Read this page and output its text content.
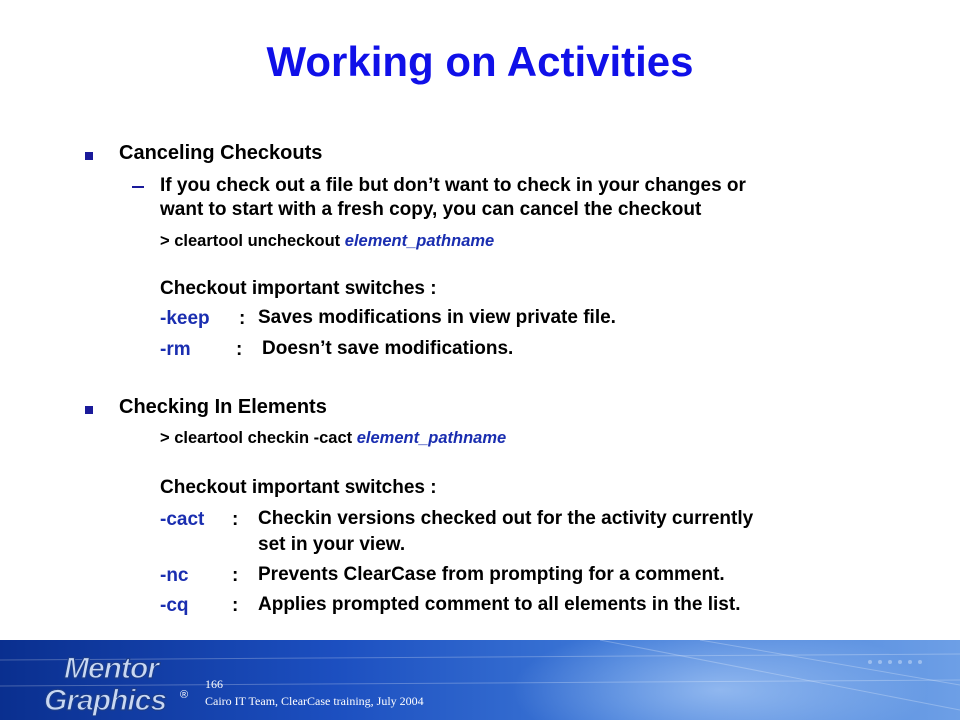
Working on Activities
Canceling Checkouts
If you check out a file but don’t want to check in your changes or
want to start with a fresh copy, you can cancel the checkout
> cleartool uncheckout element_pathname
Checkout important switches :
-keep : Saves modifications in view private file.
-rm : Doesn’t save modifications.
Checking In Elements
> cleartool checkin -cact element_pathname
Checkout important switches :
-cact : Checkin versions checked out for the activity currently
set in your view.
-nc : Prevents ClearCase from prompting for a comment.
-cq : Applies prompted comment to all elements in the list.
Mentor
Graphics ®
166
Cairo IT Team, ClearCase training, July 2004
